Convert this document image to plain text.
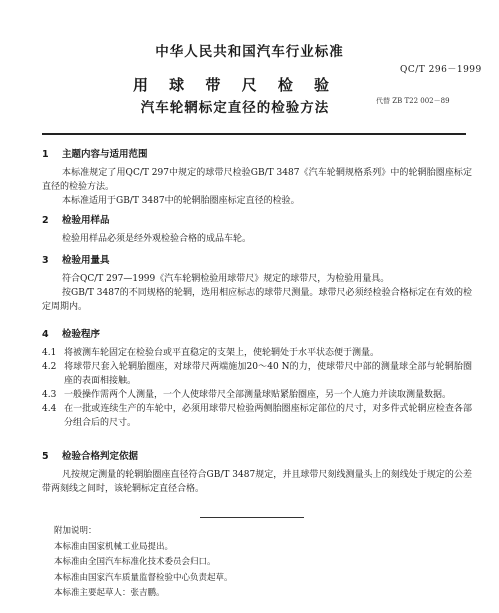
中华人民共和国汽车行业标准
QC/T 296－1999
用 球 带 尺 检 验
汽车轮辋标定直径的检验方法	代替 ZB T22 002－89
1 主题内容与适用范围
本标准规定了用QC/T 297中规定的球带尺检验GB/T 3487《汽车轮辋规格系列》中的轮辋胎圈座标定直径的检验方法。
本标准适用于GB/T 3487中的轮辋胎圈座标定直径的检验。
2 检验用样品
检验用样品必须是经外观检验合格的成品车轮。
3 检验用量具
符合QC/T 297—1999《汽车轮辋检验用球带尺》规定的球带尺，为检验用量具。
按GB/T 3487的不同规格的轮辋，选用相应标志的球带尺测量。球带尺必须经检验合格标定在有效的检定周期内。
4 检验程序
4.1 将被测车轮固定在检验台或平直稳定的支架上，使轮辋处于水平状态便于测量。
4.2 将球带尺套入轮辋胎圈座，对球带尺两端施加20～40 N的力，使球带尺中部的测量球全部与轮辋胎圈座的表面相接触。
4.3 一般操作需两个人测量，一个人使球带尺全部测量球贴紧胎圈座，另一个人施力并读取测量数据。
4.4 在一批或连续生产的车轮中，必须用球带尺检验两侧胎圈座标定部位的尺寸，对多件式轮辋应检查各部分组合后的尺寸。
5 检验合格判定依据
凡按规定测量的轮辋胎圈座直径符合GB/T 3487规定，并且球带尺刻线测量头上的刻线处于规定的公差带两刻线之间时，该轮辋标定直径合格。
附加说明：
本标准由国家机械工业局提出。
本标准由全国汽车标准化技术委员会归口。
本标准由国家汽车质量监督检验中心负责起草。
本标准主要起草人：张吉鹏。
